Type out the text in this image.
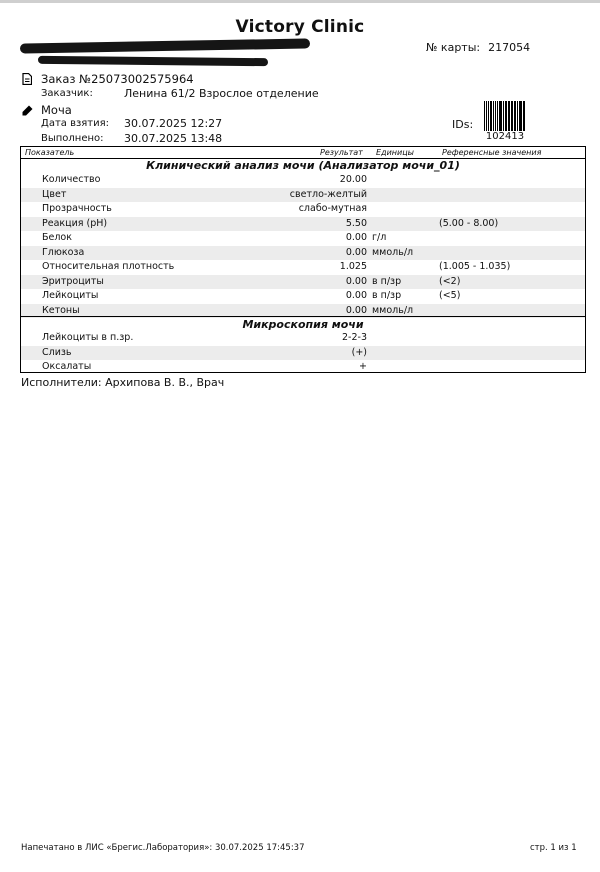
Victory Clinic
№ карты: 217054
Заказ №25073002575964
Заказчик:	Ленина 61/2 Взрослое отделение
Моча
Дата взятия: 30.07.2025 12:27
Выполнено: 30.07.2025 13:48
IDs:
102413
Показатель	Результат Единицы	Референсные значения
Клинический анализ мочи (Анализатор мочи_01)
Количество	20.00
Цвет	светло-желтый
Прозрачность	слабо-мутная
Реакция (pH)	5.50	(5.00 - 8.00)
Белок	0.00 г/л
Глюкоза	0.00 ммоль/л
Относительная плотность	1.025	(1.005 - 1.035)
Эритроциты	0.00 в п/зр	(<2)
Лейкоциты	0.00 в п/зр	(<5)
Кетоны	0.00 ммоль/л
Микроскопия мочи
Лейкоциты в п.зр.	2-2-3
Слизь	(+)
Оксалаты	+
Исполнители: Архипова В. В., Врач
Напечатано в ЛИС «Брегис.Лаборатория»: 30.07.2025 17:45:37	стр. 1 из 1
